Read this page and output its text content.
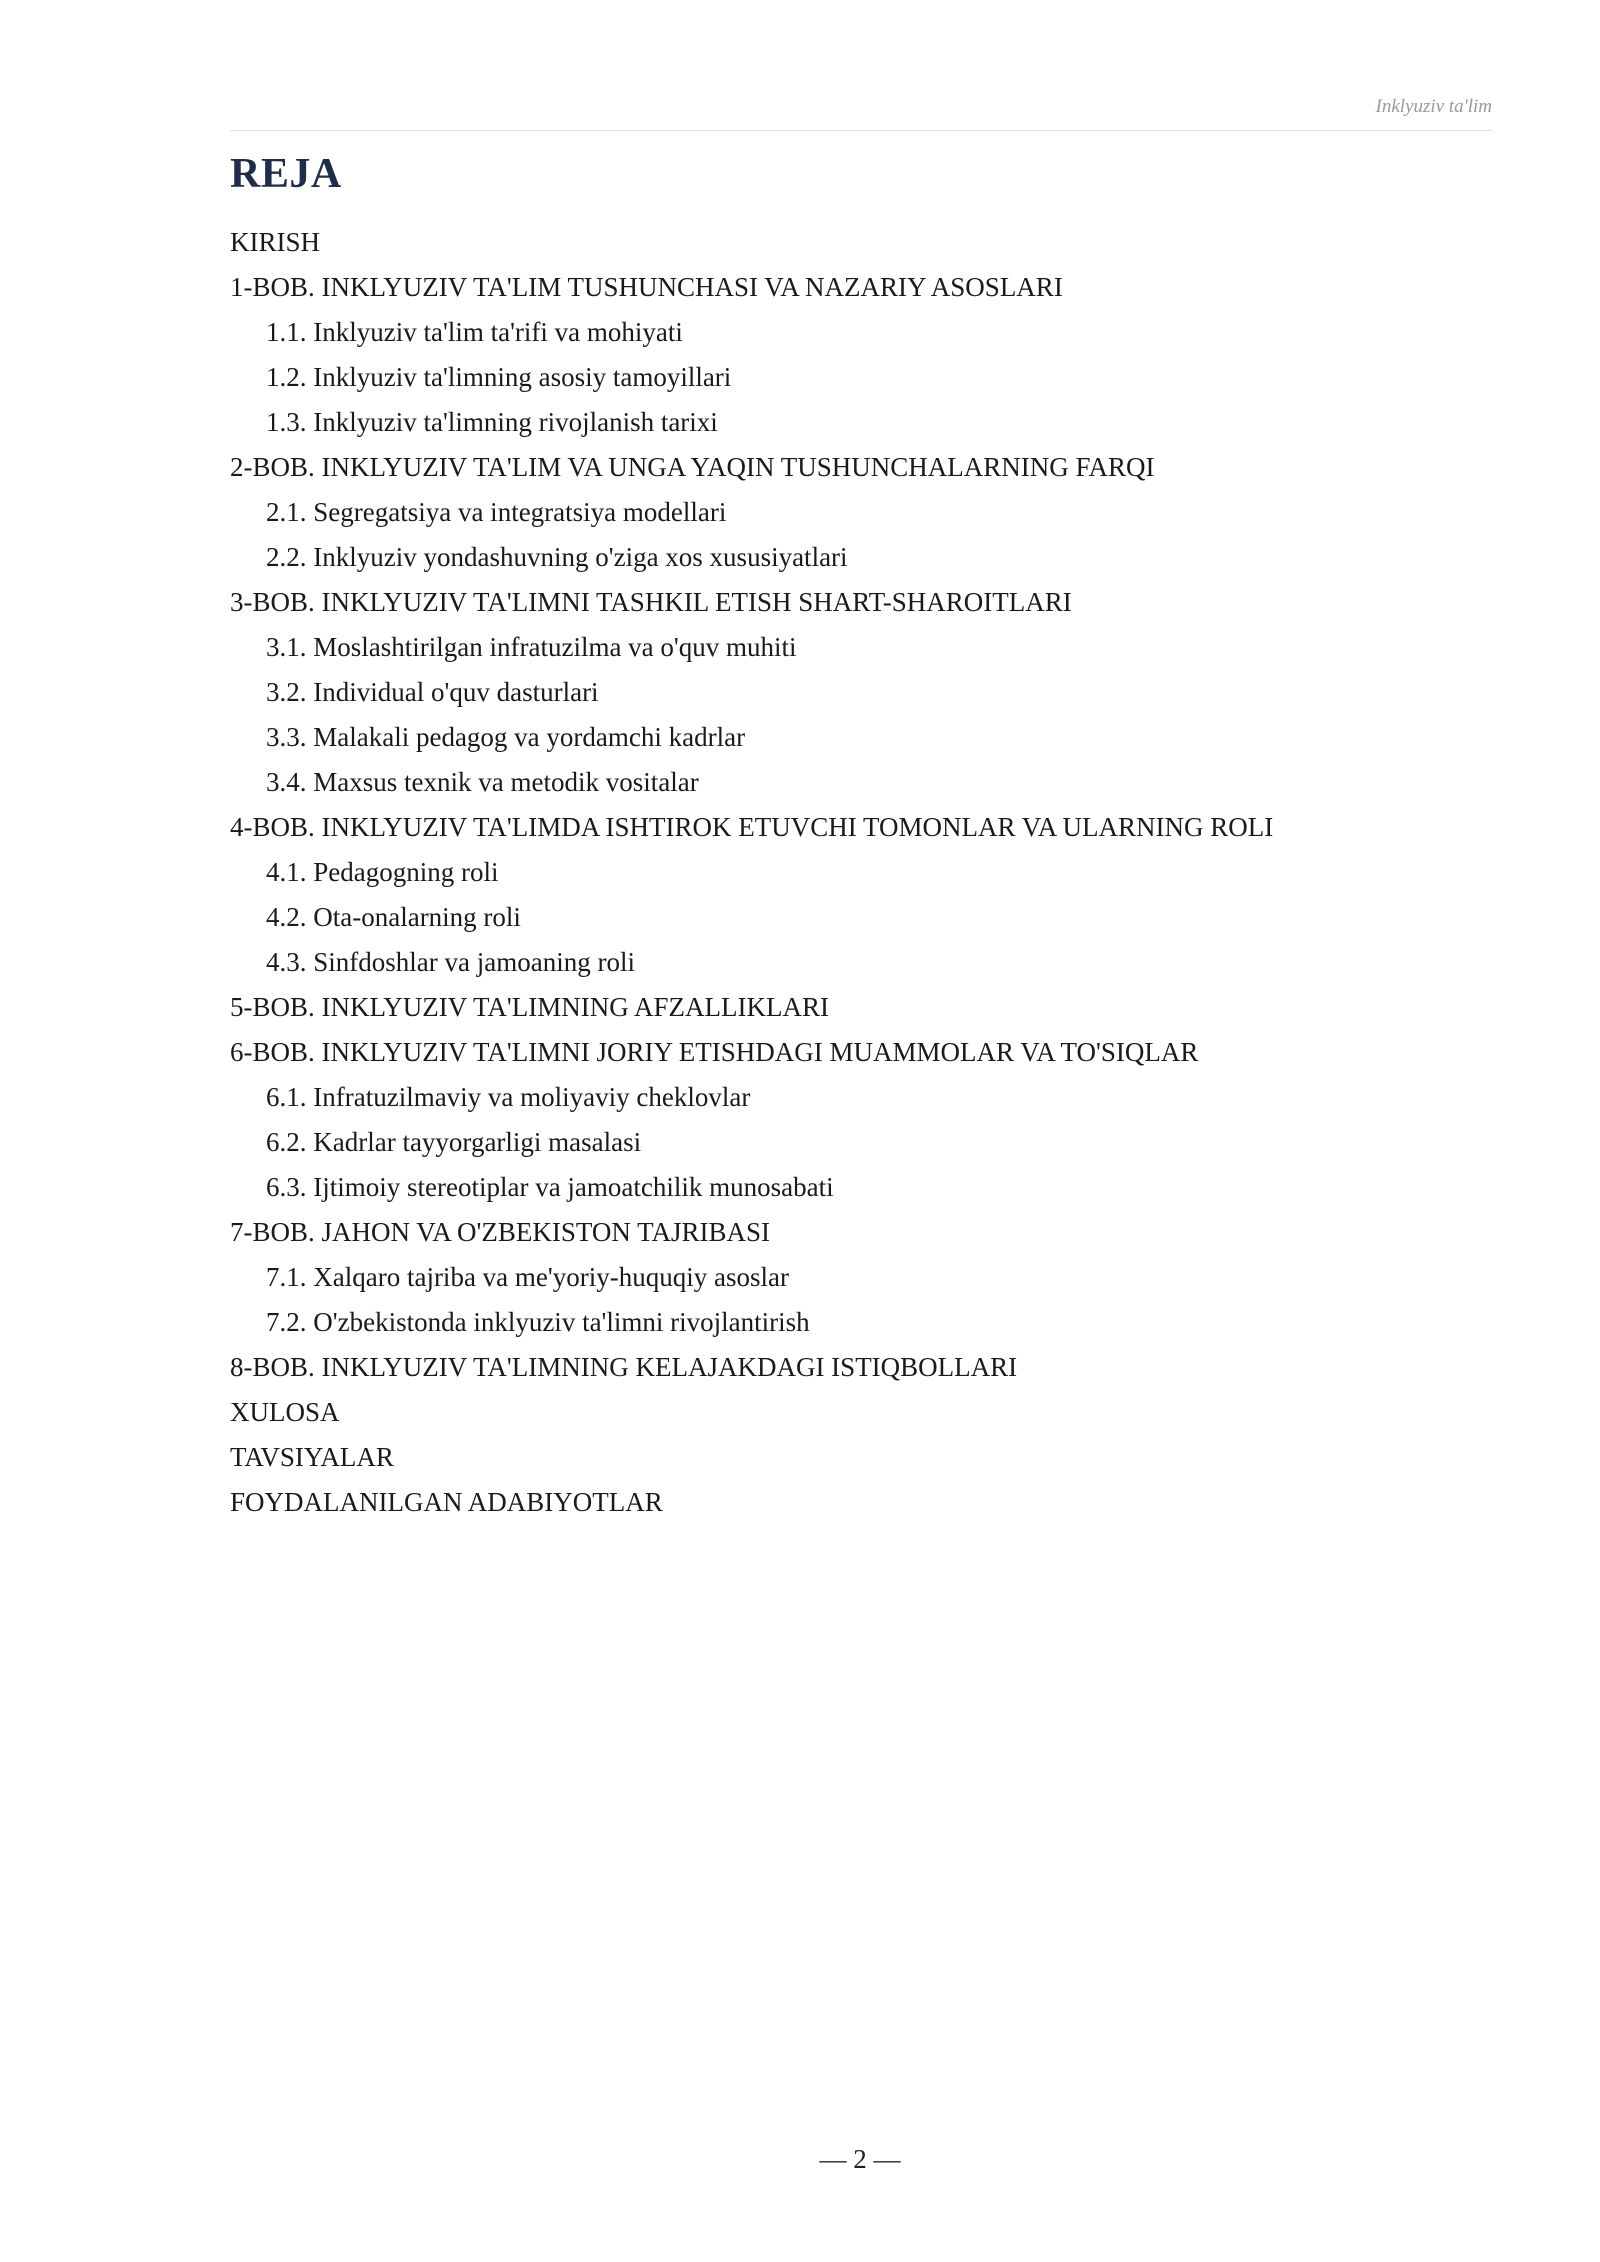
Inklyuziv ta'lim
REJA
KIRISH
1-BOB. INKLYUZIV TA'LIM TUSHUNCHASI VA NAZARIY ASOSLARI
1.1. Inklyuziv ta'lim ta'rifi va mohiyati
1.2. Inklyuziv ta'limning asosiy tamoyillari
1.3. Inklyuziv ta'limning rivojlanish tarixi
2-BOB. INKLYUZIV TA'LIM VA UNGA YAQIN TUSHUNCHALARNING FARQI
2.1. Segregatsiya va integratsiya modellari
2.2. Inklyuziv yondashuvning o'ziga xos xususiyatlari
3-BOB. INKLYUZIV TA'LIMNI TASHKIL ETISH SHART-SHAROITLARI
3.1. Moslashtirilgan infratuzilma va o'quv muhiti
3.2. Individual o'quv dasturlari
3.3. Malakali pedagog va yordamchi kadrlar
3.4. Maxsus texnik va metodik vositalar
4-BOB. INKLYUZIV TA'LIMDA ISHTIROK ETUVCHI TOMONLAR VA ULARNING ROLI
4.1. Pedagogning roli
4.2. Ota-onalarning roli
4.3. Sinfdoshlar va jamoaning roli
5-BOB. INKLYUZIV TA'LIMNING AFZALLIKLARI
6-BOB. INKLYUZIV TA'LIMNI JORIY ETISHDAGI MUAMMOLAR VA TO'SIQLAR
6.1. Infratuzilmaviy va moliyaviy cheklovlar
6.2. Kadrlar tayyorgarligi masalasi
6.3. Ijtimoiy stereotiplar va jamoatchilik munosabati
7-BOB. JAHON VA O'ZBEKISTON TAJRIBASI
7.1. Xalqaro tajriba va me'yoriy-huquqiy asoslar
7.2. O'zbekistonda inklyuziv ta'limni rivojlantirish
8-BOB. INKLYUZIV TA'LIMNING KELAJAKDAGI ISTIQBOLLARI
XULOSA
TAVSIYALAR
FOYDALANILGAN ADABIYOTLAR
— 2 —
